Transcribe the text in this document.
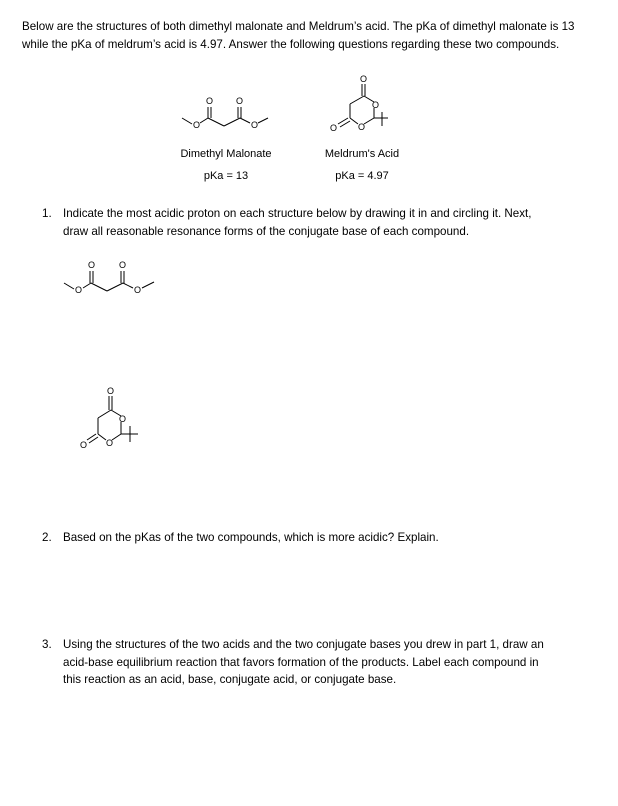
Below are the structures of both dimethyl malonate and Meldrum’s acid. The pKa of dimethyl malonate is 13 while the pKa of meldrum’s acid is 4.97. Answer the following questions regarding these two compounds.
O
O	O
O
O
O
O
O
Dimethyl Malonate	Meldrum's Acid
pKa = 13	pKa = 4.97
1. Indicate the most acidic proton on each structure below by drawing it in and circling it. Next, draw all reasonable resonance forms of the conjugate base of each compound.
O
O	O
O
O
O
O
O
2. Based on the pKas of the two compounds, which is more acidic? Explain.
3. Using the structures of the two acids and the two conjugate bases you drew in part 1, draw an acid-base equilibrium reaction that favors formation of the products. Label each compound in this reaction as an acid, base, conjugate acid, or conjugate base.
